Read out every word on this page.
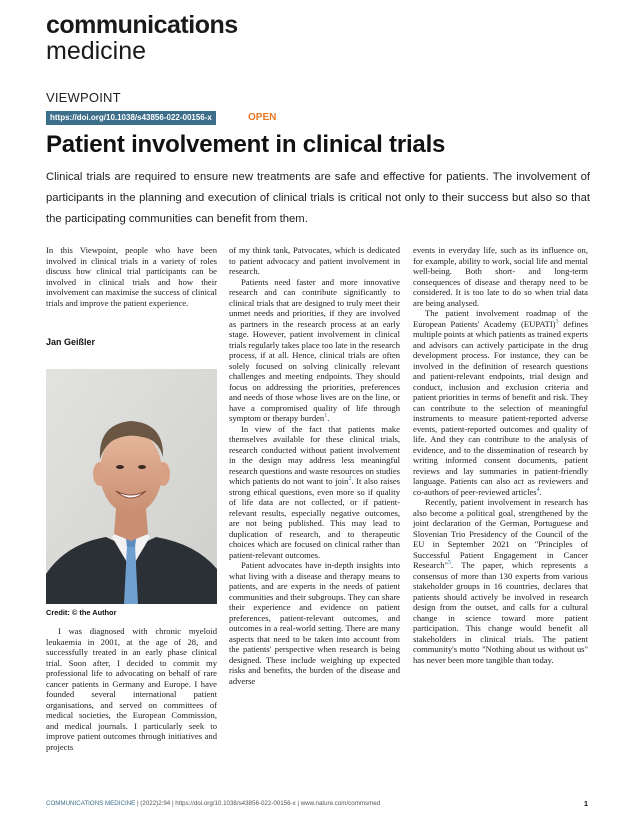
communications
medicine
VIEWPOINT
https://doi.org/10.1038/s43856-022-00156-x	OPEN
Patient involvement in clinical trials

Clinical trials are required to ensure new treatments are safe and effective for patients. The involvement of participants in the planning and execution of clinical trials is critical not only to their success but also so that the participating communities can benefit from them.

In this Viewpoint, people who have been involved in clinical trials in a variety of roles discuss how clinical trial participants can be involved in clinical trials and how their involvement can maximise the success of clinical trials and improve the patient experience.

Jan Geißler
Credit: © the Author

I was diagnosed with chronic myeloid leukaemia in 2001, at the age of 28, and successfully treated in an early phase clinical trial. Soon after, I decided to commit my professional life to advocating on behalf of rare cancer patients in Germany and Europe. I have founded several international patient organisations, and served on committees of medical societies, the European Commission, and medical journals. I particularly seek to improve patient outcomes through initiatives and projects

of my think tank, Patvocates, which is dedicated to patient advocacy and patient involvement in research.

Patients need faster and more innovative research and can contribute significantly to clinical trials that are designed to truly meet their unmet needs and priorities, if they are involved as partners in the research process at an early stage. However, patient involvement in clinical trials regularly takes place too late in the research process, if at all. Hence, clinical trials are often solely focused on solving clinically relevant challenges and meeting endpoints. They should focus on addressing the priorities, preferences and needs of those whose lives are on the line, or have a compromised quality of life through symptom or therapy burden$^1$.

In view of the fact that patients make themselves available for these clinical trials, research conducted without patient involvement in the design may address less meaningful research questions and waste resources on studies which patients do not want to join$^2$. It also raises strong ethical questions, even more so if quality of life data are not collected, or if patient-relevant results, especially negative outcomes, are not being published. This may lead to duplication of research, and to therapeutic choices which are focused on clinical rather than patient-relevant outcomes.

Patient advocates have in-depth insights into what living with a disease and therapy means to patients, and are experts in the needs of patient communities and their subgroups. They can share their experience and evidence on patient preferences, patient-relevant outcomes, and outcomes in a real-world setting. There are many aspects that need to be taken into account from the patients' perspective when research is being designed. These include weighing up expected risks and benefits, the burden of the disease and adverse

events in everyday life, such as its influence on, for example, ability to work, social life and mental well-being. Both short- and long-term consequences of disease and therapy need to be considered. It is too late to do so when trial data are being analysed.

The patient involvement roadmap of the European Patients' Academy (EUPATI)$^3$ defines multiple points at which patients as trained experts and advisors can actively participate in the drug development process. For instance, they can be involved in the definition of research questions and patient-relevant endpoints, trial design and conduct, inclusion and exclusion criteria and patient priorities in terms of benefit and risk. They can contribute to the selection of meaningful instruments to measure patient-reported adverse events, patient-reported outcomes and quality of life. And they can contribute to the analysis of evidence, and to the dissemination of research by writing informed consent documents, patient reviews and lay summaries in patient-friendly language. Patients can also act as reviewers and co-authors of peer-reviewed articles$^4$.

Recently, patient involvement in research has also become a political goal, strengthened by the joint declaration of the German, Portuguese and Slovenian Trio Presidency of the Council of the EU in September 2021 on "Principles of Successful Patient Engagement in Cancer Research"$^5$. The paper, which represents a consensus of more than 130 experts from various stakeholder groups in 16 countries, declares that patients should actively be involved in research design from the outset, and calls for a cultural change in science toward more patient participation. This change would benefit all stakeholders in clinical trials. The patient community's motto "Nothing about us without us" has never been more tangible than today.

COMMUNICATIONS MEDICINE | (2022)2:94 | https://doi.org/10.1038/s43856-022-00156-x | www.nature.com/commsmed	1
